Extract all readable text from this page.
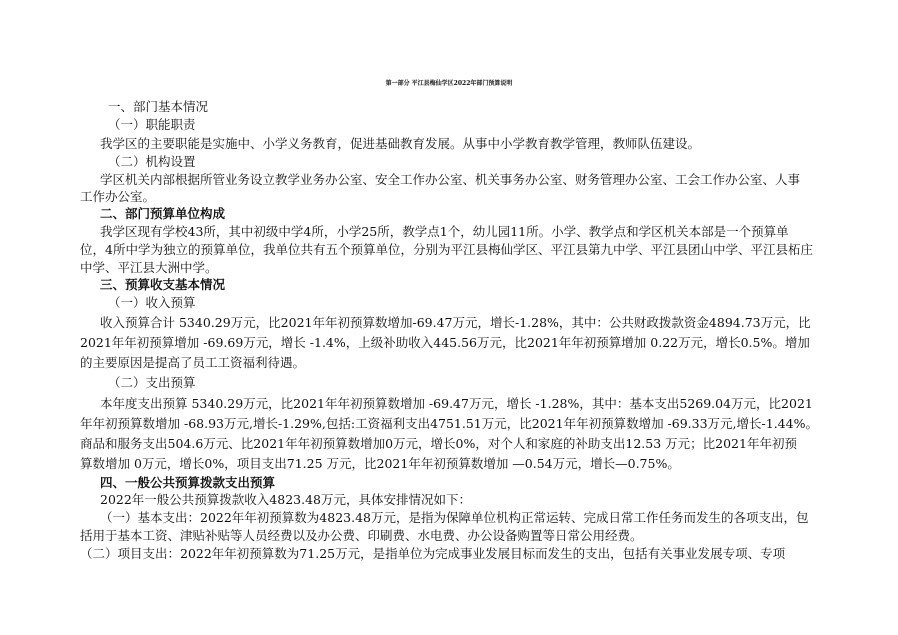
第一部分 平江县梅仙学区2022年部门预算说明

一、部门基本情况

（一）职能职责

我学区的主要职能是实施中、小学义务教育，促进基础教育发展。从事中小学教育教学管理，教师队伍建设。

（二）机构设置

学区机关内部根据所管业务设立教学业务办公室、安全工作办公室、机关事务办公室、财务管理办公室、工会工作办公室、人事

工作办公室。

二、部门预算单位构成

我学区现有学校43所，其中初级中学4所，小学25所，教学点1个，幼儿园11所。小学、教学点和学区机关本部是一个预算单

位，4所中学为独立的预算单位，我单位共有五个预算单位，分别为平江县梅仙学区、平江县第九中学、平江县团山中学、平江县柘庄

中学、平江县大洲中学。

三、预算收支基本情况

（一）收入预算

收入预算合计 5340.29万元，比2021年年初预算数增加-69.47万元，增长-1.28%，其中：公共财政拨款资金4894.73万元，比

2021年年初预算增加 -69.69万元，增长 -1.4%，上级补助收入445.56万元，比2021年年初预算增加 0.22万元，增长0.5%。增加

的主要原因是提高了员工工资福利待遇。

（二）支出预算

本年度支出预算 5340.29万元，比2021年年初预算数增加 -69.47万元，增长 -1.28%，其中：基本支出5269.04万元，比2021

年年初预算数增加 -68.93万元,增长-1.29%,包括:工资福利支出4751.51万元，比2021年年初预算数增加 -69.33万元,增长-1.44%。

商品和服务支出504.6万元、比2021年年初预算数增加0万元，增长0%，对个人和家庭的补助支出12.53 万元；比2021年年初预

算数增加 0万元，增长0%，项目支出71.25 万元，比2021年年初预算数增加 —0.54万元，增长—0.75%。

四、一般公共预算拨款支出预算

2022年一般公共预算拨款收入4823.48万元，具体安排情况如下：

（一）基本支出：2022年年初预算数为4823.48万元，是指为保障单位机构正常运转、完成日常工作任务而发生的各项支出，包

括用于基本工资、津贴补贴等人员经费以及办公费、印刷费、水电费、办公设备购置等日常公用经费。

（二）项目支出：2022年年初预算数为71.25万元，是指单位为完成事业发展目标而发生的支出，包括有关事业发展专项、专项
